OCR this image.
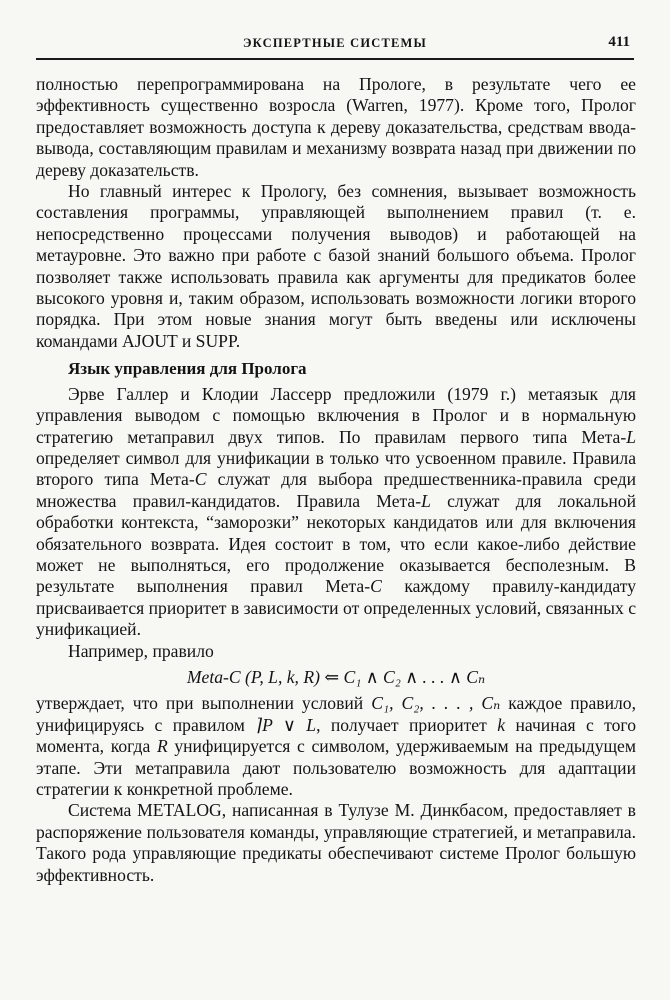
ЭКСПЕРТНЫЕ СИСТЕМЫ	411

полностью перепрограммирована на Прологе, в результате чего ее эффективность существенно возросла (Warren, 1977). Кроме того, Пролог предоставляет возможность доступа к дереву доказательства, средствам ввода-вывода, составляющим правилам и механизму возврата назад при движении по дереву доказательств.

Но главный интерес к Прологу, без сомнения, вызывает возможность составления программы, управляющей выполнением правил (т. е. непосредственно процессами получения выводов) и работающей на метауровне. Это важно при работе с базой знаний большого объема. Пролог позволяет также использовать правила как аргументы для предикатов более высокого уровня и, таким образом, использовать возможности логики второго порядка. При этом новые знания могут быть введены или исключены командами AJOUT и SUPP.

Язык управления для Пролога

Эрве Галлер и Клодии Лассерр предложили (1979 г.) метаязык для управления выводом с помощью включения в Пролог и в нормальную стратегию метаправил двух типов. По правилам первого типа Мета-L определяет символ для унификации в только что усвоенном правиле. Правила второго типа Мета-C служат для выбора предшественника-правила среди множества правил-кандидатов. Правила Мета-L служат для локальной обработки контекста, “заморозки” некоторых кандидатов или для включения обязательного возврата. Идея состоит в том, что если какое-либо действие может не выполняться, его продолжение оказывается бесполезным. В результате выполнения правил Мета-C каждому правилу-кандидату присваивается приоритет в зависимости от определенных условий, связанных с унификацией.

Например, правило

Meta-C (P, L, k, R) ⇐ C₁ ∧ C₂ ∧ . . . ∧ Cₙ

утверждает, что при выполнении условий C₁, C₂, . . . , Cₙ каждое правило, унифицируясь с правилом ⌉P ∨ L, получает приоритет k начиная с того момента, когда R унифицируется с символом, удерживаемым на предыдущем этапе. Эти метаправила дают пользователю возможность для адаптации стратегии к конкретной проблеме.

Система METALOG, написанная в Тулузе М. Динкбасом, предоставляет в распоряжение пользователя команды, управляющие стратегией, и метаправила. Такого рода управляющие предикаты обеспечивают системе Пролог большую эффективность.
